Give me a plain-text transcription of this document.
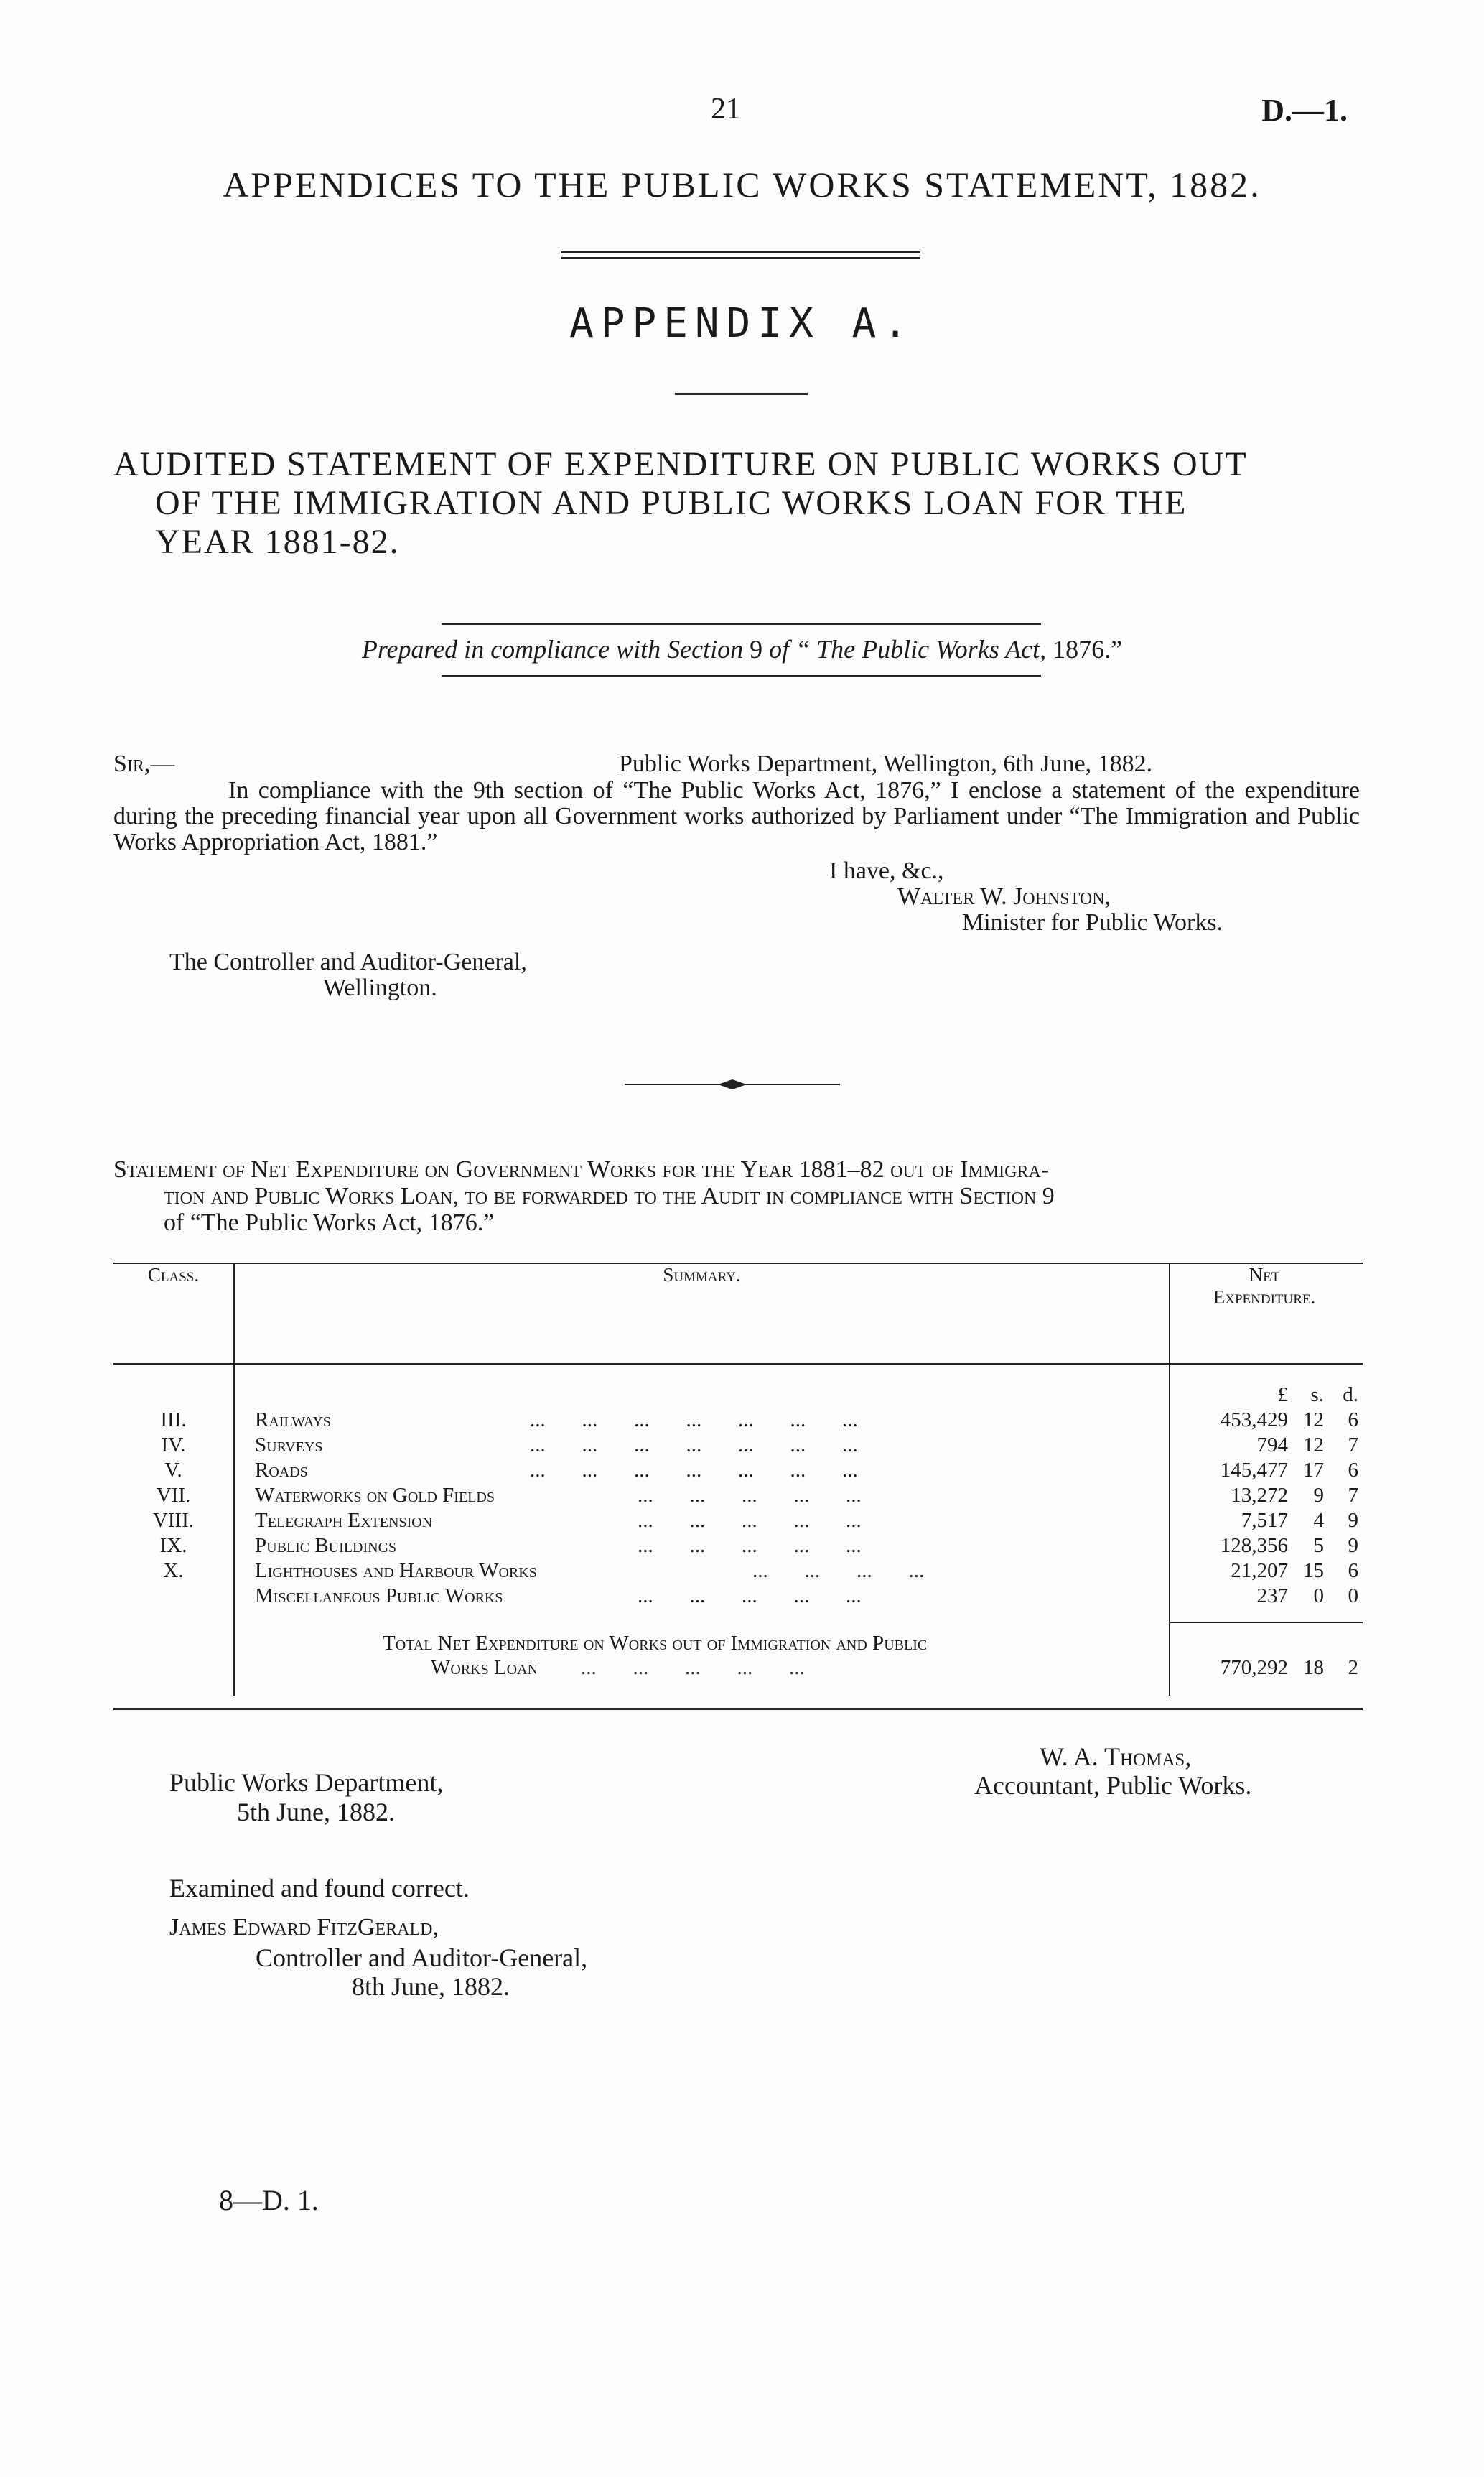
21	D.—1.
APPENDICES TO THE PUBLIC WORKS STATEMENT, 1882.
APPENDIX A.
AUDITED STATEMENT OF EXPENDITURE ON PUBLIC WORKS OUT
OF THE IMMIGRATION AND PUBLIC WORKS LOAN FOR THE
YEAR 1881-82.
Prepared in compliance with Section 9 of “ The Public Works Act, 1876.”
Sir,—	Public Works Department, Wellington, 6th June, 1882.
In compliance with the 9th section of “The Public Works Act, 1876,” I enclose a statement of the expenditure during the preceding financial year upon all Government works authorized by Parliament under “The Immigration and Public Works Appropriation Act, 1881.”
I have, &c.,
Walter W. Johnston,
Minister for Public Works.
The Controller and Auditor-General,
Wellington.
Statement of Net Expenditure on Government Works for the Year 1881–82 out of Immigra-
tion and Public Works Loan, to be forwarded to the Audit in compliance with Section 9
of “The Public Works Act, 1876.”
Class.	Summary.	Net
Expenditure.

		£ s. d.
III.	Railways ...       ...       ...       ...       ...       ...       ...	453,429 12 6
IV.	Surveys ...       ...       ...       ...       ...       ...       ...	794 12 7
V.	Roads ...       ...       ...       ...       ...       ...       ...	145,477 17 6
VII.	Waterworks on Gold Fields ...       ...       ...       ...       ...	13,272 9 7
VIII.	Telegraph Extension ...       ...       ...       ...       ...	7,517 4 9
IX.	Public Buildings ...       ...       ...       ...       ...	128,356 5 9
X.	Lighthouses and Harbour Works ...       ...       ...       ...	21,207 15 6
	Miscellaneous Public Works ...       ...       ...       ...       ...	237 0 0

	Total Net Expenditure on Works out of Immigration and Public
Works Loan ...       ...       ...       ...       ...	770,292 18 2
Public Works Department,
5th June, 1882.
W. A. Thomas,
Accountant, Public Works.
Examined and found correct.
James Edward FitzGerald,
Controller and Auditor-General,
8th June, 1882.
8—D. 1.
